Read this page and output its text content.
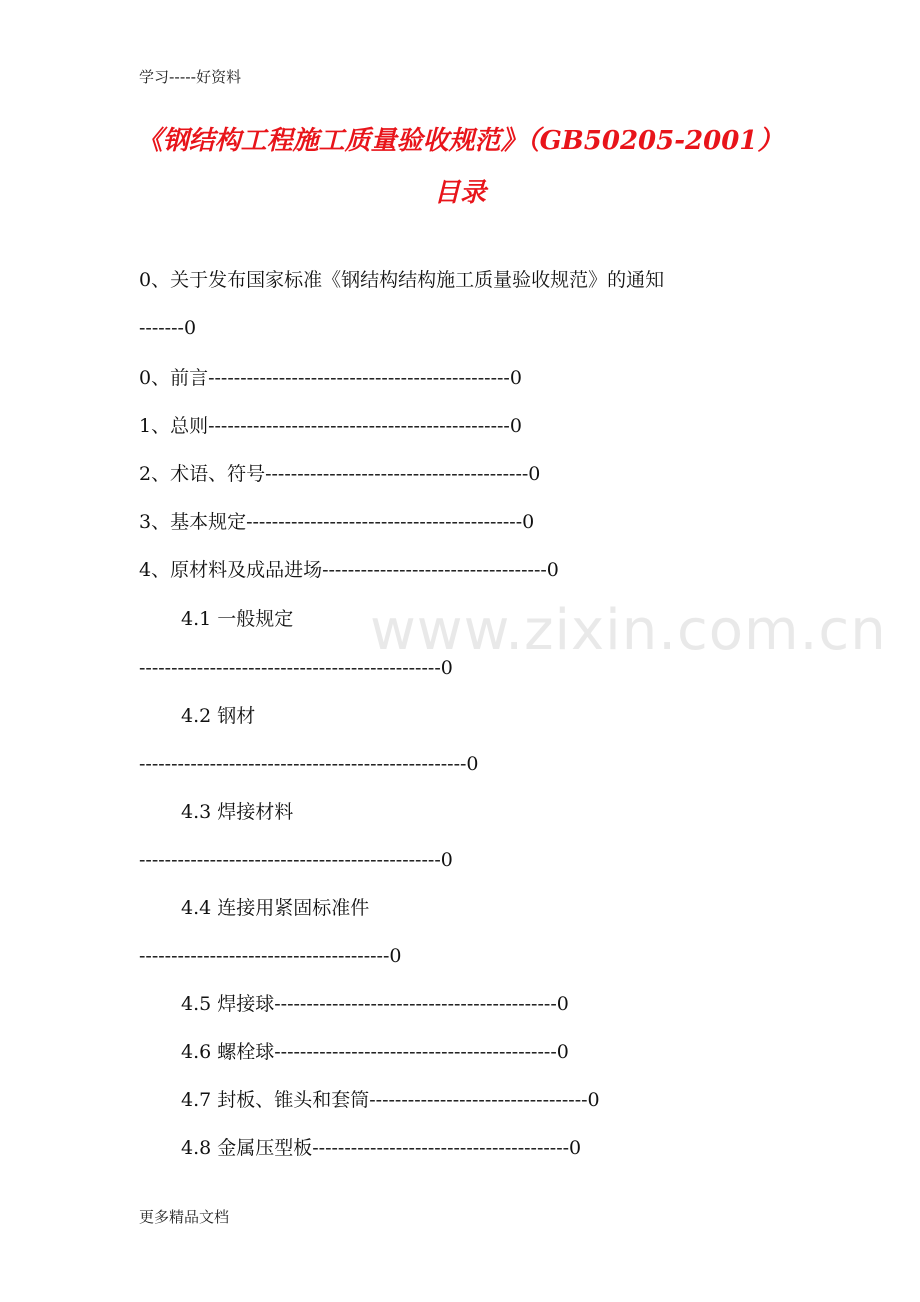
学习-----好资料
www.zixin.com.cn
《钢结构工程施工质量验收规范》（GB50205-2001）
目录
0、关于发布国家标准《钢结构结构施工质量验收规范》的通知
-------0
0、前言-----------------------------------------------0
1、总则-----------------------------------------------0
2、术语、符号-----------------------------------------0
3、基本规定-------------------------------------------0
4、原材料及成品进场-----------------------------------0
4.1 一般规定
-----------------------------------------------0
4.2 钢材
---------------------------------------------------0
4.3 焊接材料
-----------------------------------------------0
4.4 连接用紧固标准件
---------------------------------------0
4.5 焊接球--------------------------------------------0
4.6 螺栓球--------------------------------------------0
4.7 封板、锥头和套筒----------------------------------0
4.8 金属压型板----------------------------------------0
更多精品文档
